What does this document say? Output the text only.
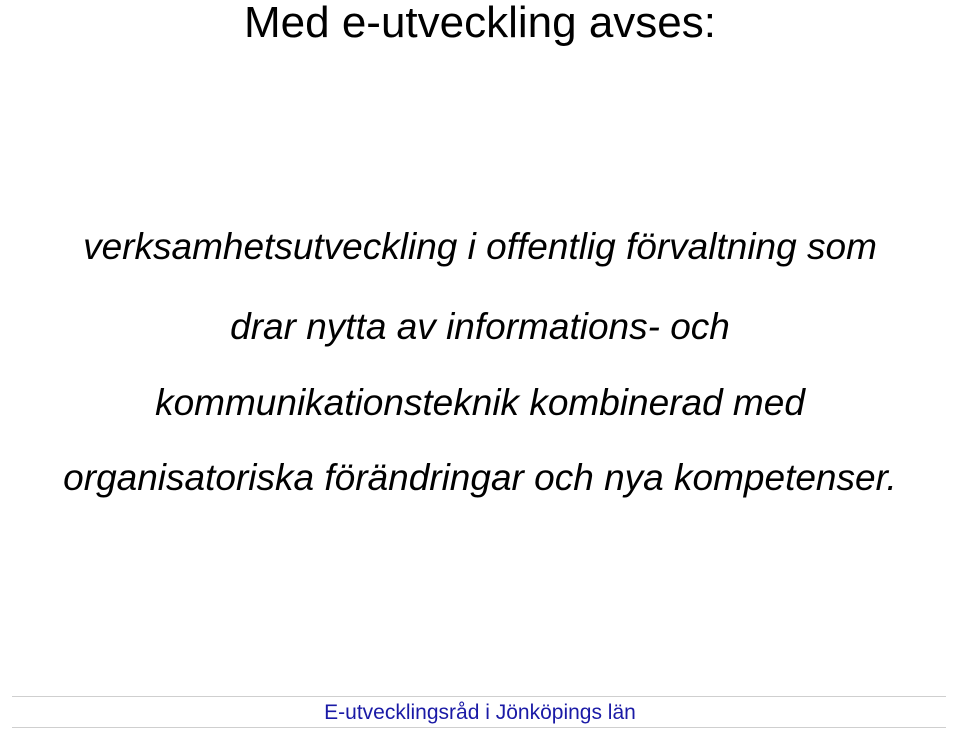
Med e-utveckling avses:
verksamhetsutveckling i offentlig förvaltning som
drar nytta av informations- och
kommunikationsteknik kombinerad med
organisatoriska förändringar och nya kompetenser.
E-utvecklingsråd i Jönköpings län
